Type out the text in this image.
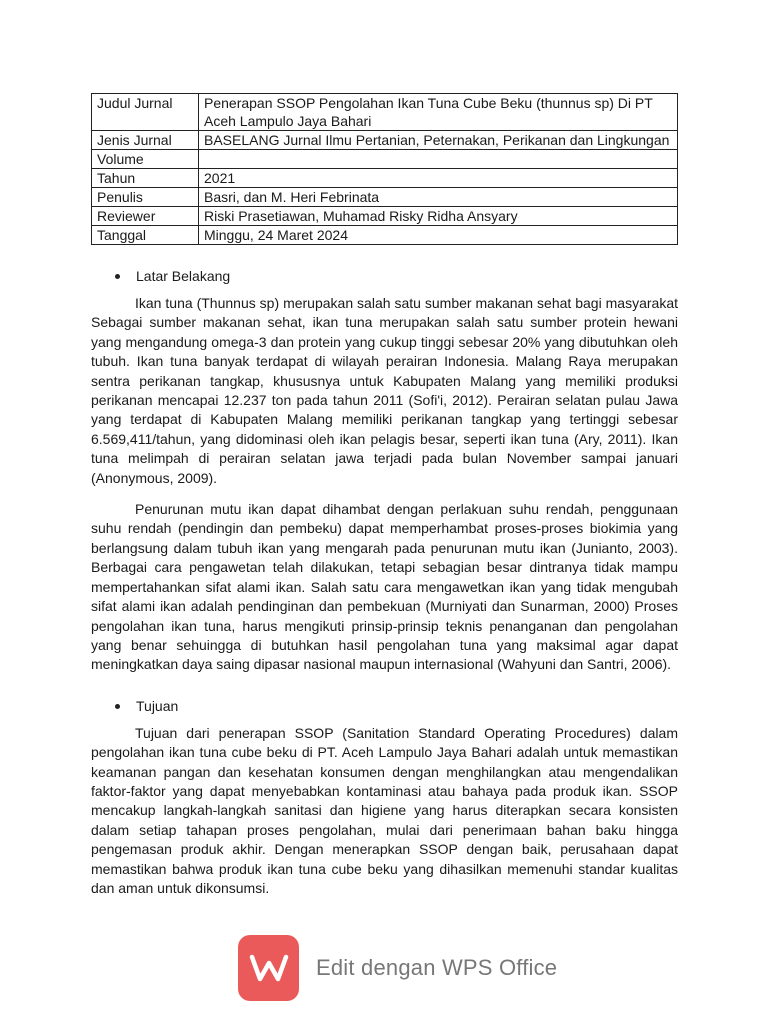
Judul Jurnal	Penerapan SSOP Pengolahan Ikan Tuna Cube Beku (thunnus sp) Di PT Aceh Lampulo Jaya Bahari
Jenis Jurnal	BASELANG Jurnal Ilmu Pertanian, Peternakan, Perikanan dan Lingkungan
Volume	
Tahun	2021
Penulis	Basri, dan M. Heri Febrinata
Reviewer	Riski Prasetiawan, Muhamad Risky Ridha Ansyary
Tanggal	Minggu, 24 Maret 2024
Latar Belakang

Ikan tuna (Thunnus sp) merupakan salah satu sumber makanan sehat bagi masyarakat Sebagai sumber makanan sehat, ikan tuna merupakan salah satu sumber protein hewani yang mengandung omega-3 dan protein yang cukup tinggi sebesar 20% yang dibutuhkan oleh tubuh. Ikan tuna banyak terdapat di wilayah perairan Indonesia. Malang Raya merupakan sentra perikanan tangkap, khususnya untuk Kabupaten Malang yang memiliki produksi perikanan mencapai 12.237 ton pada tahun 2011 (Sofi'i, 2012). Perairan selatan pulau Jawa yang terdapat di Kabupaten Malang memiliki perikanan tangkap yang tertinggi sebesar 6.569,411/tahun, yang didominasi oleh ikan pelagis besar, seperti ikan tuna (Ary, 2011). Ikan tuna melimpah di perairan selatan jawa terjadi pada bulan November sampai januari (Anonymous, 2009).

Penurunan mutu ikan dapat dihambat dengan perlakuan suhu rendah, penggunaan suhu rendah (pendingin dan pembeku) dapat memperhambat proses-proses biokimia yang berlangsung dalam tubuh ikan yang mengarah pada penurunan mutu ikan (Junianto, 2003). Berbagai cara pengawetan telah dilakukan, tetapi sebagian besar dintranya tidak mampu mempertahankan sifat alami ikan. Salah satu cara mengawetkan ikan yang tidak mengubah sifat alami ikan adalah pendinginan dan pembekuan (Murniyati dan Sunarman, 2000) Proses pengolahan ikan tuna, harus mengikuti prinsip-prinsip teknis penanganan dan pengolahan yang benar sehuingga di butuhkan hasil pengolahan tuna yang maksimal agar dapat meningkatkan daya saing dipasar nasional maupun internasional (Wahyuni dan Santri, 2006).

Tujuan

Tujuan dari penerapan SSOP (Sanitation Standard Operating Procedures) dalam pengolahan ikan tuna cube beku di PT. Aceh Lampulo Jaya Bahari adalah untuk memastikan keamanan pangan dan kesehatan konsumen dengan menghilangkan atau mengendalikan faktor-faktor yang dapat menyebabkan kontaminasi atau bahaya pada produk ikan. SSOP mencakup langkah-langkah sanitasi dan higiene yang harus diterapkan secara konsisten dalam setiap tahapan proses pengolahan, mulai dari penerimaan bahan baku hingga pengemasan produk akhir. Dengan menerapkan SSOP dengan baik, perusahaan dapat memastikan bahwa produk ikan tuna cube beku yang dihasilkan memenuhi standar kualitas dan aman untuk dikonsumsi.

Edit dengan WPS Office
